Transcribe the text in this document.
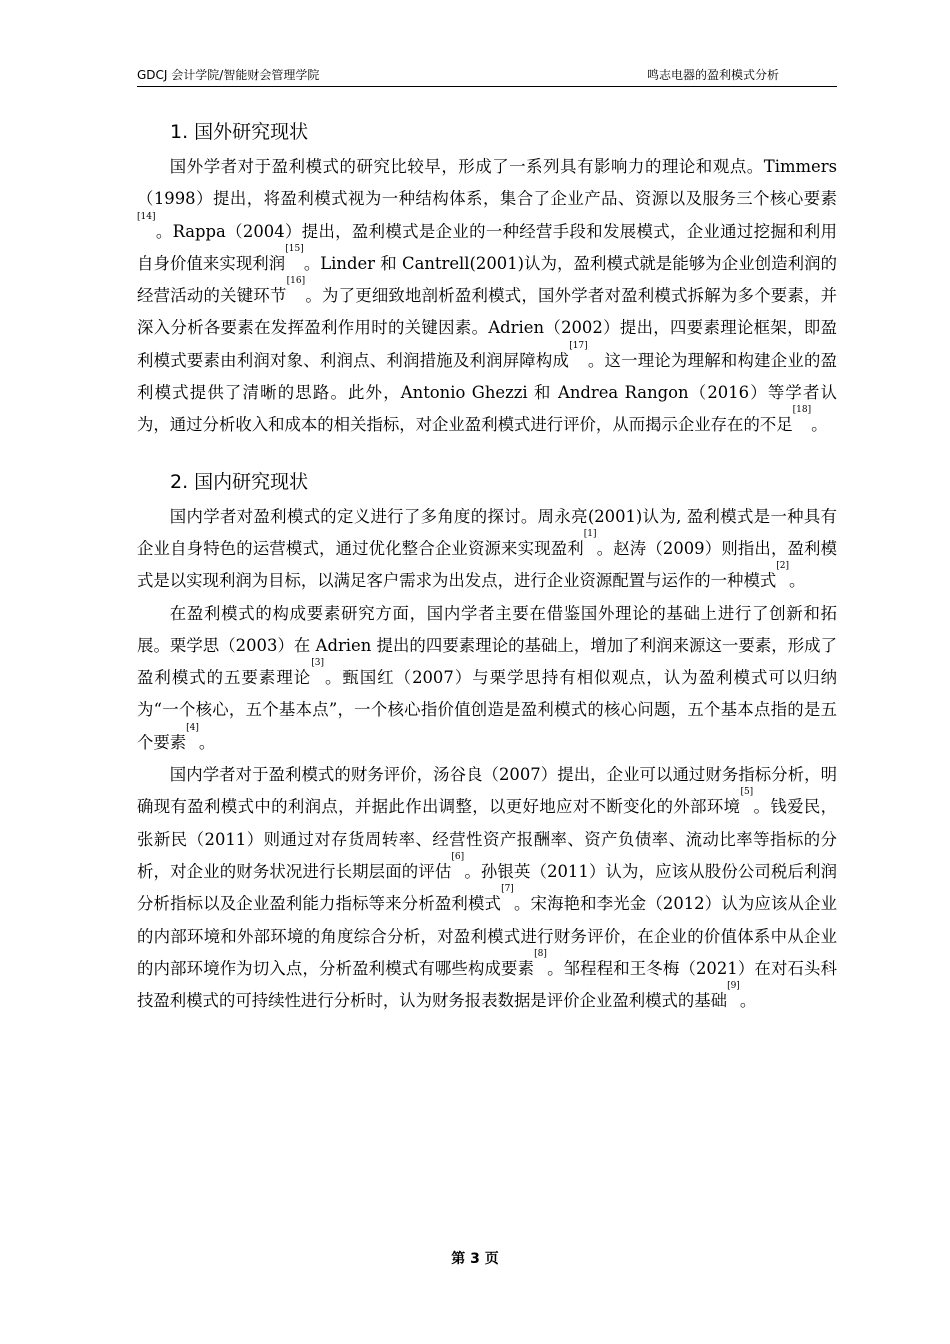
GDCJ 会计学院/智能财会管理学院	鸣志电器的盈利模式分析
1. 国外研究现状

国外学者对于盈利模式的研究比较早，形成了一系列具有影响力的理论和观点。Timmers（1998）提出，将盈利模式视为一种结构体系，集合了企业产品、资源以及服务三个核心要素[14]。Rappa（2004）提出，盈利模式是企业的一种经营手段和发展模式，企业通过挖掘和利用自身价值来实现利润[15]。Linder 和 Cantrell(2001)认为，盈利模式就是能够为企业创造利润的经营活动的关键环节[16]。为了更细致地剖析盈利模式，国外学者对盈利模式拆解为多个要素，并深入分析各要素在发挥盈利作用时的关键因素。Adrien（2002）提出，四要素理论框架，即盈利模式要素由利润对象、利润点、利润措施及利润屏障构成[17]。这一理论为理解和构建企业的盈利模式提供了清晰的思路。此外，Antonio Ghezzi 和 Andrea Rangon（2016）等学者认为，通过分析收入和成本的相关指标，对企业盈利模式进行评价，从而揭示企业存在的不足[18]。

2. 国内研究现状

国内学者对盈利模式的定义进行了多角度的探讨。周永亮(2001)认为, 盈利模式是一种具有企业自身特色的运营模式，通过优化整合企业资源来实现盈利[1]。赵涛（2009）则指出，盈利模式是以实现利润为目标，以满足客户需求为出发点，进行企业资源配置与运作的一种模式[2]。

在盈利模式的构成要素研究方面，国内学者主要在借鉴国外理论的基础上进行了创新和拓展。栗学思（2003）在 Adrien 提出的四要素理论的基础上，增加了利润来源这一要素，形成了盈利模式的五要素理论[3]。甄国红（2007）与栗学思持有相似观点，认为盈利模式可以归纳为“一个核心，五个基本点”，一个核心指价值创造是盈利模式的核心问题，五个基本点指的是五个要素[4]。

国内学者对于盈利模式的财务评价，汤谷良（2007）提出，企业可以通过财务指标分析，明确现有盈利模式中的利润点，并据此作出调整，以更好地应对不断变化的外部环境[5]。钱爱民，张新民（2011）则通过对存货周转率、经营性资产报酬率、资产负债率、流动比率等指标的分析，对企业的财务状况进行长期层面的评估[6]。孙银英（2011）认为，应该从股份公司税后利润分析指标以及企业盈利能力指标等来分析盈利模式[7]。宋海艳和李光金（2012）认为应该从企业的内部环境和外部环境的角度综合分析，对盈利模式进行财务评价，在企业的价值体系中从企业的内部环境作为切入点，分析盈利模式有哪些构成要素[8]。邹程程和王冬梅（2021）在对石头科技盈利模式的可持续性进行分析时，认为财务报表数据是评价企业盈利模式的基础[9]。

第 3 页
